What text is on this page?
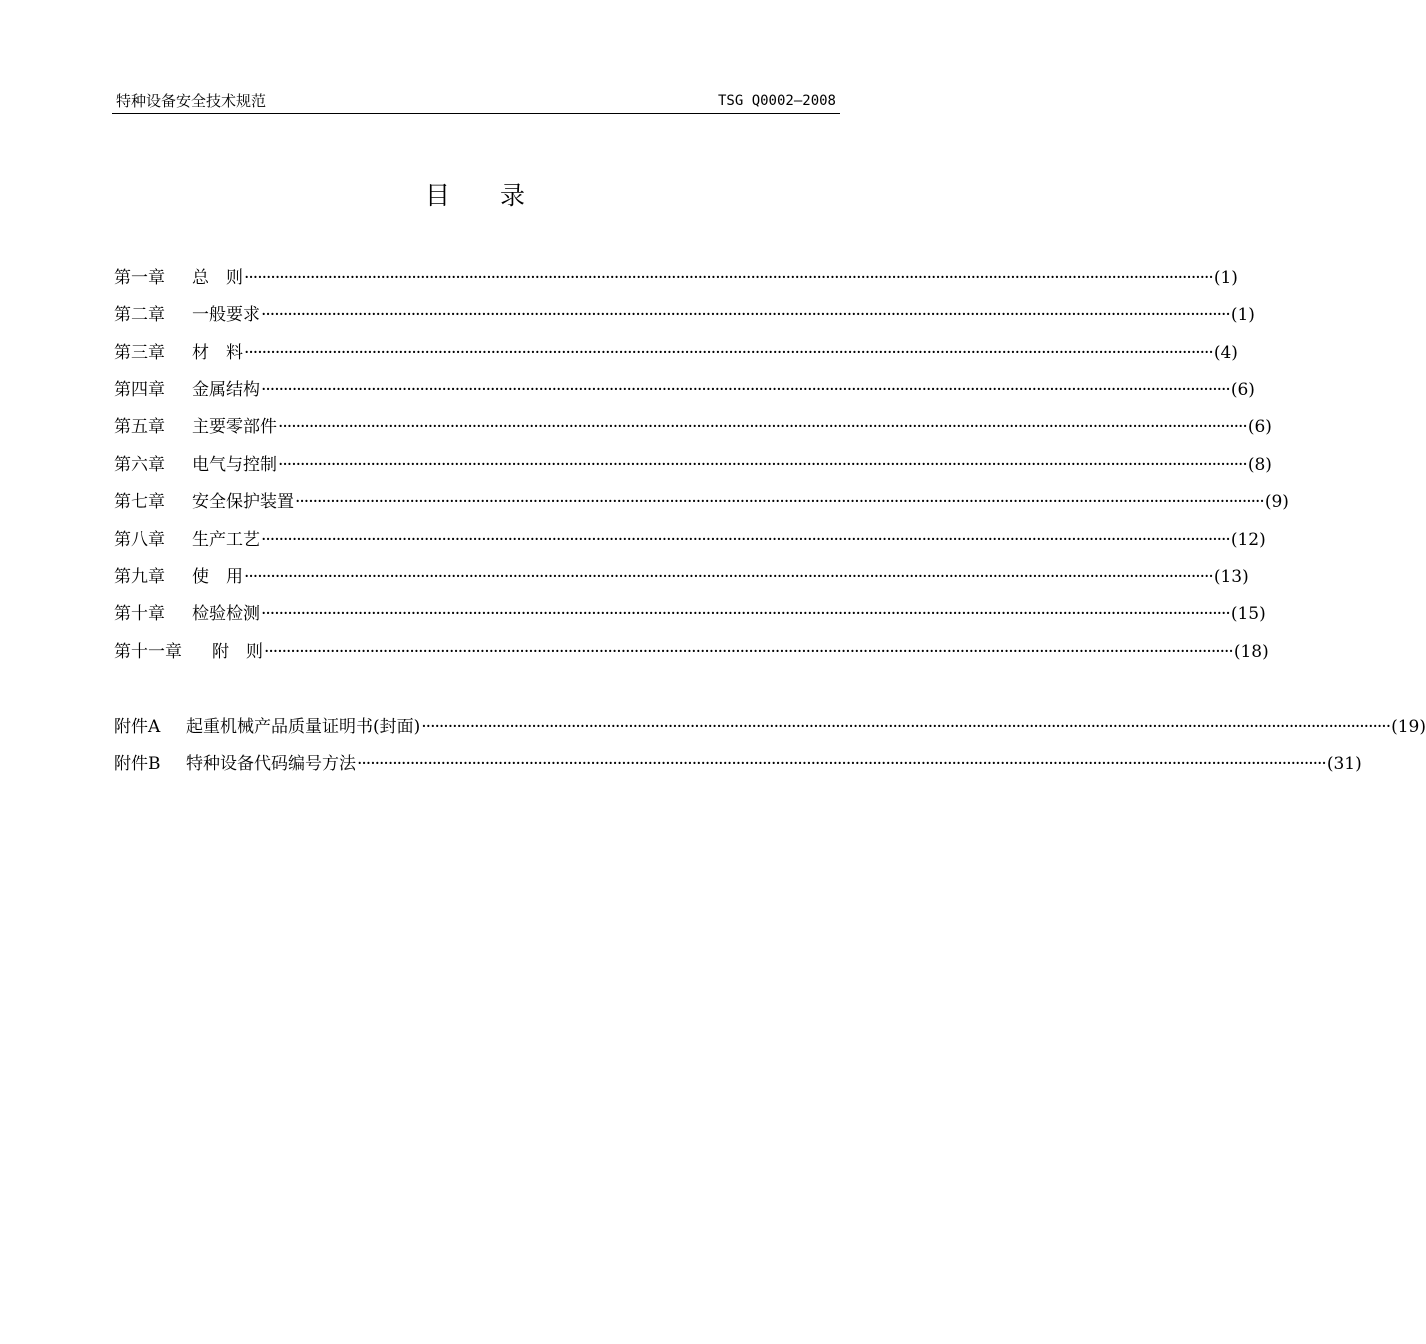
特种设备安全技术规范	TSG Q0002—2008
目　　录
第一章	总　则 ···························································································································································································································· (1)
第二章	一般要求 ···························································································································································································································· (1)
第三章	材　料 ···························································································································································································································· (4)
第四章	金属结构 ···························································································································································································································· (6)
第五章	主要零部件 ···························································································································································································································· (6)
第六章	电气与控制 ···························································································································································································································· (8)
第七章	安全保护装置 ···························································································································································································································· (9)
第八章	生产工艺 ···························································································································································································································· (12)
第九章	使　用 ···························································································································································································································· (13)
第十章	检验检测 ···························································································································································································································· (15)
第十一章	附　则 ···························································································································································································································· (18)
附件A	起重机械产品质量证明书(封面) ···························································································································································································································· (19)
附件B	特种设备代码编号方法 ···························································································································································································································· (31)
